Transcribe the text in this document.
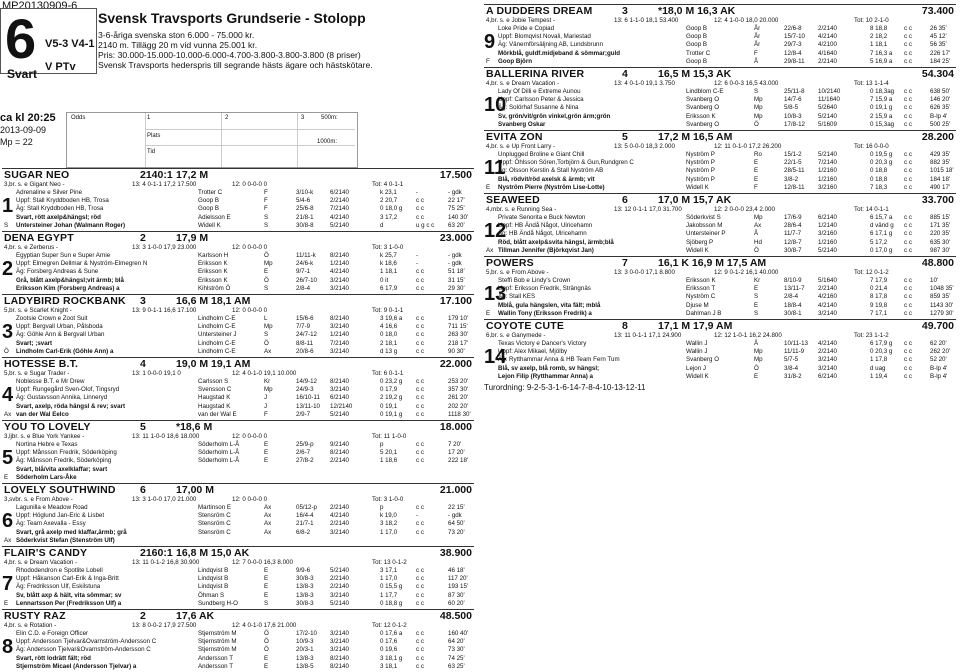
MP20130909-6
6
Svart
V5-3 V4-1
V PTv
Svensk Travsports Grundserie - Stolopp
3-6-åriga svenska ston 6.000 - 75.000 kr.
2140 m. Tillägg 20 m vid vunna 25.001 kr.
Pris: 30.000-15.000-10.000-6.000-4.700-3.800-3.800-3.800 (8 priser)
Svensk Travsports hederspris till segrande hästs ägare och hästskötare.
ca kl 20:25
2013-09-09
Mp = 22
Odds	1	2	3
Plats
Tid
500m:
1000m:
SUGAR NEO	2140:1 17,2 M	17.500
3,br. s. e Gigant Neo -	13: 4 0-1-1 17,2 17.500	12: 0 0-0-0 0	Tot: 4 0-1-1
1
Adrenaline e Silver Pine	Trotter C	F	3/10-k	6/2140	k 23,1	-	- gdk
Uppf: Stall Kryddboden HB, Trosa	Goop B	F	5/4-6	2/2140	2 20,7	c c	22 17'
Äg: Stall Kryddboden HB, Trosa	Goop B	F	25/6-8	7/2140	0 18,0 g c c	75 25'
Svart, rött axelp&hängsl; röd	Adielsson E	S	21/8-1	4/2140	3 17,2	c c	140 30'
S Untersteiner Johan (Walmann Roger)	Widell K	S	30/8-8	5/2140	d	u g c c 63 20'
DENA EGYPT	2	17,9 M	23.000
4,br. s. e Zerberus -	13: 3 1-0-0 17,9 23.000	12: 0 0-0-0 0	Tot: 3 1-0-0
2
Egyptian Super Sun e Super Arnie	Karlsson H	Ö	11/11-k 8/2140	k 25,7	-	- gdk
Uppf: Elmegren Dellmar & Nyström-Elmegren N	Eriksson K	Mp	24/6-k	1/2140	k 18,6	-	- gdk
Äg: Forsberg Andreas & Sune	Eriksson K	E	9/7-1	4/2140	1 18,1	c c	51 18'
Grå, blått axelp&hängsl;vit ärmb; blå	Eriksson K	Ö	26/7-10 3/2140	0 it	c c	31 15'
Eriksson Kim (Forsberg Andreas) a	Kihlström Ö	S	2/8-4	3/2140	6 17,9	c c	29 30'
LADYBIRD ROCKBANK 3	16,6 M 18,1 AM	17.100
5,br. s. e Scarlet Knight -	13: 9 0-1-1 16,6 17.100	12: 0 0-0-0 0	Tot: 9 0-1-1
3
Zootsie Crown e Zoot Suit	Lindholm C-E	L	15/6-6	8/2140	3 19,6 a c c	179 10'
Uppf: Bergvall Urban, Pålsboda	Lindholm C-E	Mp	7/7-9	3/2140	4 16,6	c c	711 15'
Äg: Göhle Ann & Bergvall Urban	Untersteiner J	S	24/7-12 1/2140	0 18,0	c c	263 30'
Svart; ;svart	Lindholm C-E	Ö	8/8-11	7/2140	2 18,1	c c	218 17'
Ö Lindholm Carl-Erik (Göhle Ann) a	Lindholm C-E	Ax	20/8-6	3/2140	d 13 g	c c	90 30'
HOTESSE B.T.	4	19,0 M 19,1 AM	22.000
5,br. s. e Sugar Trader -	13: 1 0-0-0 19,1 0	12: 4 0-1-0 19,1 10.000	Tot: 6 0-1-1
4
Noblesse B.T. e Mr Drew	Carlsson S	Kr	14/9-12 8/2140	0 23,2 g c c	253 20'
Uppf: Rungegård Sven-Olof, Tingsryd	Svensson C	Mp	24/9-3	3/2140	0 17,9	c c	357 30'
Äg: Gustavsson Annika, Linneryd	Haugstad K	J	16/10-11 6/2140	2 19,2 g c c	261 20'
Svart, axelp, röda hängsl & rev; svart	Haugstad K	J	13/11-10 12/2140	0 19,1	c c	202 20'
Ax van der Wal Eelco	van der Wal E	F	2/9-7	5/2140	0 19,1 g c c	1118 30'
YOU TO LOVELY	5	*18,6 M	18.000
3,ljbr. s. e Blue York Yankee -	13: 11 1-0-0 18,6 18.000	12: 0 0-0-0 0	Tot: 11 1-0-0
5
Nortina Hebre e Texas	Söderholm L-Å	E	25/9-p	9/2140	p	c c	7 20'
Uppf: Månsson Fredrik, Söderköping	Söderholm L-Å	E	2/6-7	8/2140	5 20,1	c c	17 20'
Äg: Månsson Fredrik, Söderköping	Söderholm L-Å	E	27/8-2	2/2140	1 18,6	c c	222 18'
Svart, blå/vita axelklaffar; svart
E Söderholm Lars-Åke
LOVELY SOUTHWIND 6	17,00 M	21.000
3,svbr. s. e From Above -	13: 3 1-0-0 17,0 21.000	12: 0 0-0-0 0	Tot: 3 1-0-0
6
Lagunilla e Meadow Road	Martinson E	Ax	05/12-p 2/2140	p	c c	22 15'
Uppf: Höglund Jan-Eric & Lisbet	Stensröm C	Ax	16/4-4	4/2140	k 19,0	-	- gdk
Äg: Team Axevalla - Essy	Stensröm C	Ax	21/7-1	2/2140	3 18,2	c c	64 50'
Svart, grå axelp med klaffar,ärmb; grå	Stensröm C	Ax	6/8-2	3/2140	1 17,0	c c	73 20'
Ax Söderkvist Stefan (Stenström Ulf)
FLAIR'S CANDY	2160:1 16,8 M 15,0 AK	38.900
4,br. s. e Dream Vacation -	13: 11 0-1-2 16,8 30.900	12: 7 0-0-0 16,3 8.000	Tot: 13 0-1-2
7
Rhododendron e Spotlite Lobell	Lindqvist B	E	9/9-6	5/2140	3 17,1	c c	46 18'
Uppf: Håkanson Carl-Erik & Inga-Britt	Lindqvist B	E	30/8-3	2/2140	1 17,0	c c	117 20'
Äg: Fredriksson Ulf, Eskilstuna	Lindqvist B	E	13/8-3	2/2140	0 15,5 g c c	193 15'
Sv, blått axp & hält, vita sömmar; sv	Öhman S	E	13/8-3	3/2140	1 17,7	c c	87 30'
E Lennartsson Per (Fredriksson Ulf) a	Sundberg H-O	S	30/8-3	5/2140	0 18,8 g c c	60 20'
RUSTY RAZ	2	17,6 AK	48.500
4,br. s. e Rotation -	13: 8 0-0-2 17,9 27.500	12: 4 0-1-0 17,6 21.000	Tot: 12 0-1-2
8
Elin C.D. e Foreign Officer	Stjernström M	Ö	17/2-10 3/2140	0 17,6 a c c	160 40'
Uppf: Andersson Tjelvar&Ovarnström-Andersson C	Stjernström M	Ö	10/9-3	3/2140	0 17,6	c c	64 20'
Äg: Andersson Tjelvar&Ovarnström-Andersson C	Stjernström M	Ö	20/3-1	3/2140	0 19,6	c c	73 30'
Svart, rött lodrätt fält; röd	Andersson T	E	13/8-3	8/2140	3 18,1 g c c	74 25'
Stjernström Micael (Andersson Tjelvar) a	Andersson T	E	13/8-5	8/2140	3 18,1	c c	63 25'
A DUDDERS DREAM	3	*18,0 M 16,3 AK	73.400
4,br. s. e Jobie Tempest -	13: 6 1-1-0 18,1 53.400	12: 4 1-0-0 18,0 20.000	Tot: 10 2-1-0
9
Loke Pride e Copiad	Goop B	År	22/6-8	2/2140	8 18,8	c c	26 35'
Uppf: Blomqvist Novali, Mariestad	Goop B	År	15/7-10 4/2140	2 18,2	c c	45 12'
Äg: Vänernförsäljning AB, Lundsbrunn	Goop B	År	29/7-3	4/2100	1 18,1	c c	56 35'
Mörkblå, guldf.midjeband & sömmar;guld	Trotter C	F	12/8-4	4/1640	7 16,3 a c c	226 17'
F Goop Björn	Goop B	Å	29/8-11 2/2140	5 16,9 a c c	184 25'
BALLERINA RIVER	4	16,5 M 15,3 AK	54.304
4,br. s. e Dream Vacation -	13: 4 0-1-0 19,1 3.750	12: 6 0-0-3 16,5 43.000	Tot: 13 1-1-4
10
Lady Of Dilli e Extreme Aunou	Lindblom C-E	S	25/11-8 10/2140	0 18,3ag c c	638 50'
Uppf: Carlsson Peter & Jessica	Svanberg O	Mp	14/7-6	11/1640	7 15,9 a c c	146 20'
Äg: Solörhaf Susanne & Nina	Svanberg O	Mp	5/8-5	5/2640	0 19,1 g c c	626 35'
Sv, grön/vit/grön vinkel,grön ärm;grön	Eriksson K	Mp	10/8-3	5/2140	2 15,9 a c c	B-lp 4'
Svanberg Oskar	Svanberg O	Ö	17/8-12 5/1609	0 15,3ag c c	500 25'
EVITA ZON	5	17,2 M 16,5 AM	28.200
4,br. s. e Up Front Larry -	13: 5 0-0-0 18,3 2.000	12: 11 0-1-0 17,2 26.200	Tot: 16 0-0-0
11
Unplugged Broline e Giant Chill	Nyström P	Ro	15/1-2	5/2140	0 19,5 g c c	429 35'
Uppf: Öhlsson Sören,Torbjörn & Gun,Rundgren C	Nyström P	E	22/1-5	7/2140	0 20,3 g c c	882 35'
Äg: Olsson Kerstin & Stall Nyström AB	Nyström P	E	28/5-11 1/2160	0 18,8	c c	1015 18'
Blå, rödvit/röd axelsk & ärmb; vit	Nyström P	E	3/8-2	1/2160	0 18,8	c c	184 18'
E Nyström Pierre (Nyström Lise-Lotte)	Widell K	F	12/8-11 3/2160	7 18,3	c c	490 17'
SEAWEED	6	17,0 M 15,7 AK	33.700
4,mbr. s. e Running Sea -	13: 12 0-1-1 17,0 31.700	12: 2 0-0-0 23,4 2.000	Tot: 14 0-1-1
12
Private Senorita e Buck Newton	Söderkvist S	Mp	17/6-9	6/2140	6 15,7 a c c	885 15'
Uppf: HB Ändå Något, Ulricehamn	Jakobsson M	Ax	28/6-4	1/2140	d vänd g c c	171 35'
Äg: HB Ändå Något, Ulricehamn	Untersteiner P	Å	11/7-7	3/2160	6 17,1 g c c	220 35'
Röd, blått axelp&svita hängsl, ärmb;blå	Sjöberg P	Hd	12/8-7	1/2160	5 17,2	c c	635 30'
Ax Tillman Jennifer (Björkqvist Jan)	Widell K	Ö	30/8-7	5/2140	0 17,0 g c c	987 30'
POWERS	7	16,1 K 16,9 M 17,5 AM	48.800
5,br. s. e From Above -	13: 3 0-0-0 17,1 8.800	12: 9 0-1-2 16,1 40.000	Tot: 12 0-1-2
13
Steffi Bob e Lindy's Crown	Eriksson K	Kr	8/10-9	5/1640	7 17,9	c c	10'
Uppf: Eriksson Fredrik, Strängnäs	Eriksson T	E	13/11-7 2/2140	0 21,4	c c	1048 35'
Äg: Stall KES	Nyström C	S	2/8-4	4/2160	8 17,8	c c	859 35'
Mblå, gula hängslen, vita fält; mblå	Djuse M	E	18/8-4	4/2140	9 19,8	c c	1143 30'
E Wallin Tony (Eriksson Fredrik) a	Dahlman J B	S	30/8-1	3/2140	7 17,1	c c	1279 30'
COYOTE CUTE	8	17,1 M 17,9 AM	49.700
6,br. s. e Ganymede -	13: 11 0-1-1 17,1 24.900	12: 12 1-0-1 16,2 24.800	Tot: 23 1-1-2
14
Texas Victory e Dancer's Victory	Wallin J	Å	10/11-13 4/2140	6 17,9 g c c	62 20'
Uppf: Alex Mikael, Mjölby	Wallin J	Mp	11/11-9 2/2140	0 20,3 g c c	262 20'
Äg: Rytthammar Anna & HB Team Fern Tum	Svanberg O	Mp	5/7-5	3/2140	1 17,8	c c	52 20'
Blå, sv axelp, blå romb, sv hängsl;	Lejon J	Ö	3/8-4	3/2140	d uag	c c	B-lp 4'
Lejon Filip (Rytthammar Anna) a	Widell K	E	31/8-2	6/2140	1 19,4	c c	B-lp 4'
Turordning: 9-2-5-3-1-6-14-7-8-4-10-13-12-11
